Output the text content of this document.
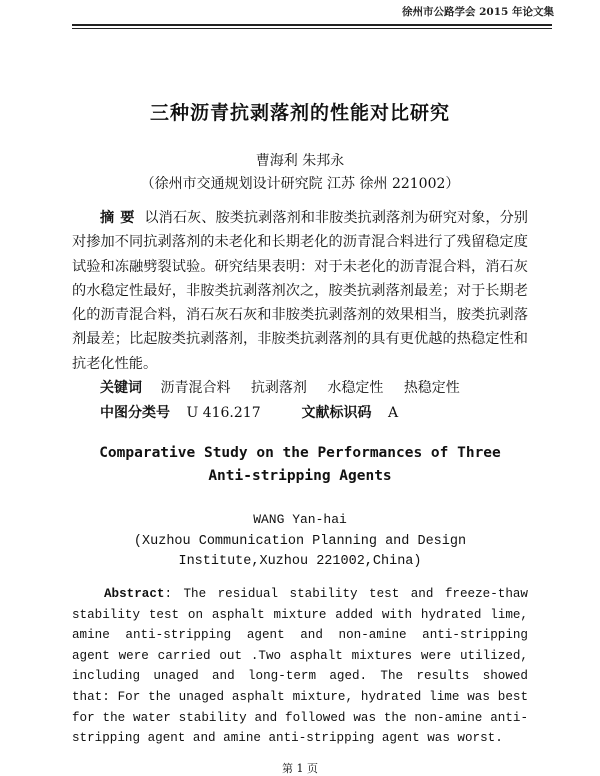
徐州市公路学会 2015 年论文集
三种沥青抗剥落剂的性能对比研究
曹海利 朱邦永
（徐州市交通规划设计研究院 江苏 徐州 221002）
摘要 以消石灰、胺类抗剥落剂和非胺类抗剥落剂为研究对象，分别对掺加不同抗剥落剂的未老化和长期老化的沥青混合料进行了残留稳定度试验和冻融劈裂试验。研究结果表明：对于未老化的沥青混合料，消石灰的水稳定性最好，非胺类抗剥落剂次之，胺类抗剥落剂最差；对于长期老化的沥青混合料，消石灰石灰和非胺类抗剥落剂的效果相当，胺类抗剥落剂最差；比起胺类抗剥落剂，非胺类抗剥落剂的具有更优越的热稳定性和抗老化性能。
关键词 沥青混合料 抗剥落剂 水稳定性 热稳定性
中图分类号 U 416.217	文献标识码 A
Comparative Study on the Performances of Three
Anti-stripping Agents
WANG Yan-hai
(Xuzhou Communication Planning and Design Institute,Xuzhou 221002,China)
Abstract: The residual stability test and freeze-thaw stability test on asphalt mixture added with hydrated lime, amine anti-stripping agent and non-amine anti-stripping agent were carried out .Two asphalt mixtures were utilized, including unaged and long-term aged. The results showed that: For the unaged asphalt mixture, hydrated lime was best for the water stability and followed was the non-amine anti-stripping agent and amine anti-stripping agent was worst.
第 1 页
